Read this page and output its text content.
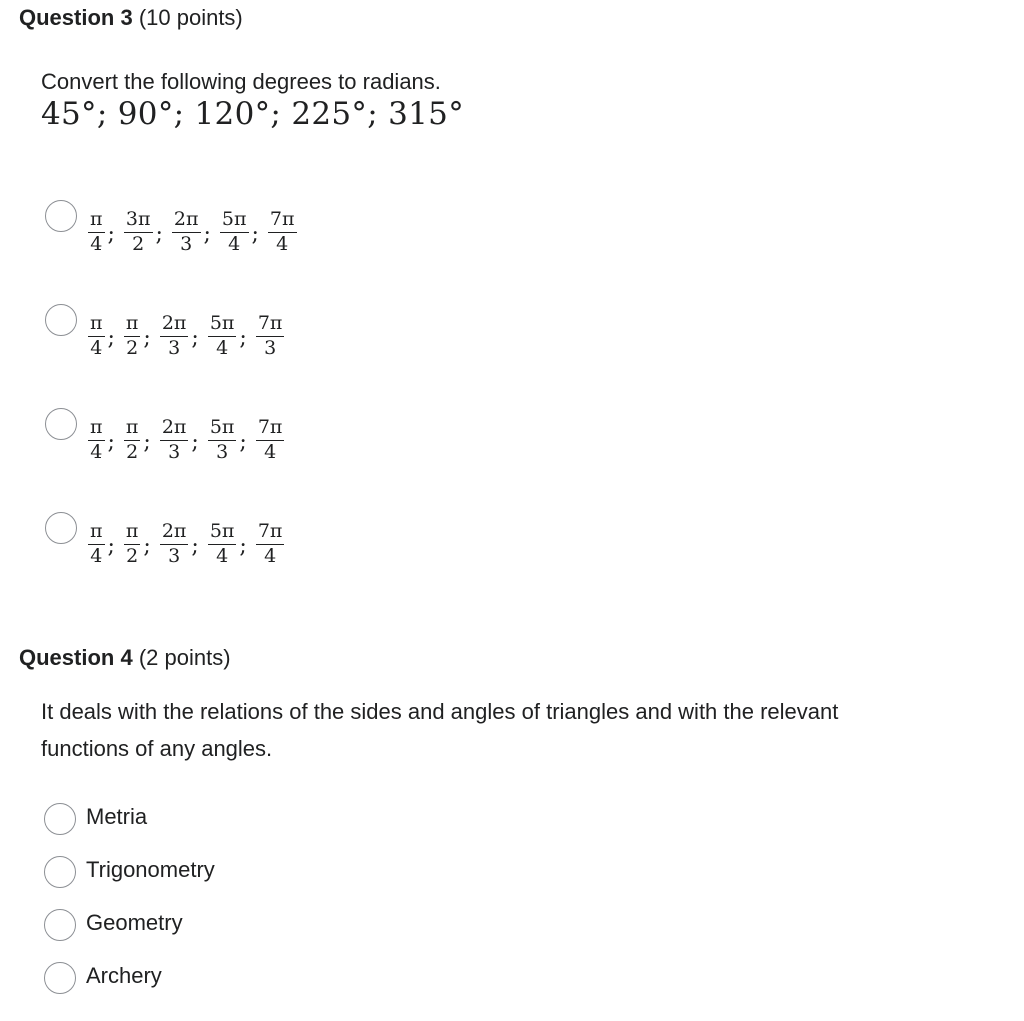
Question 3 (10 points)
Convert the following degrees to radians.
45°; 90°; 120°; 225°; 315°
$\frac{\pi}{4}$ ; $\frac{3\pi}{2}$ ; $\frac{2\pi}{3}$ ; $\frac{5\pi}{4}$ ; $\frac{7\pi}{4}$
$\frac{\pi}{4}$ ; $\frac{\pi}{2}$ ; $\frac{2\pi}{3}$ ; $\frac{5\pi}{4}$ ; $\frac{7\pi}{3}$
$\frac{\pi}{4}$ ; $\frac{\pi}{2}$ ; $\frac{2\pi}{3}$ ; $\frac{5\pi}{3}$ ; $\frac{7\pi}{4}$
$\frac{\pi}{4}$ ; $\frac{\pi}{2}$ ; $\frac{2\pi}{3}$ ; $\frac{5\pi}{4}$ ; $\frac{7\pi}{4}$
Question 4 (2 points)
It deals with the relations of the sides and angles of triangles and with the relevant
functions of any angles.
Metria
Trigonometry
Geometry
Archery
